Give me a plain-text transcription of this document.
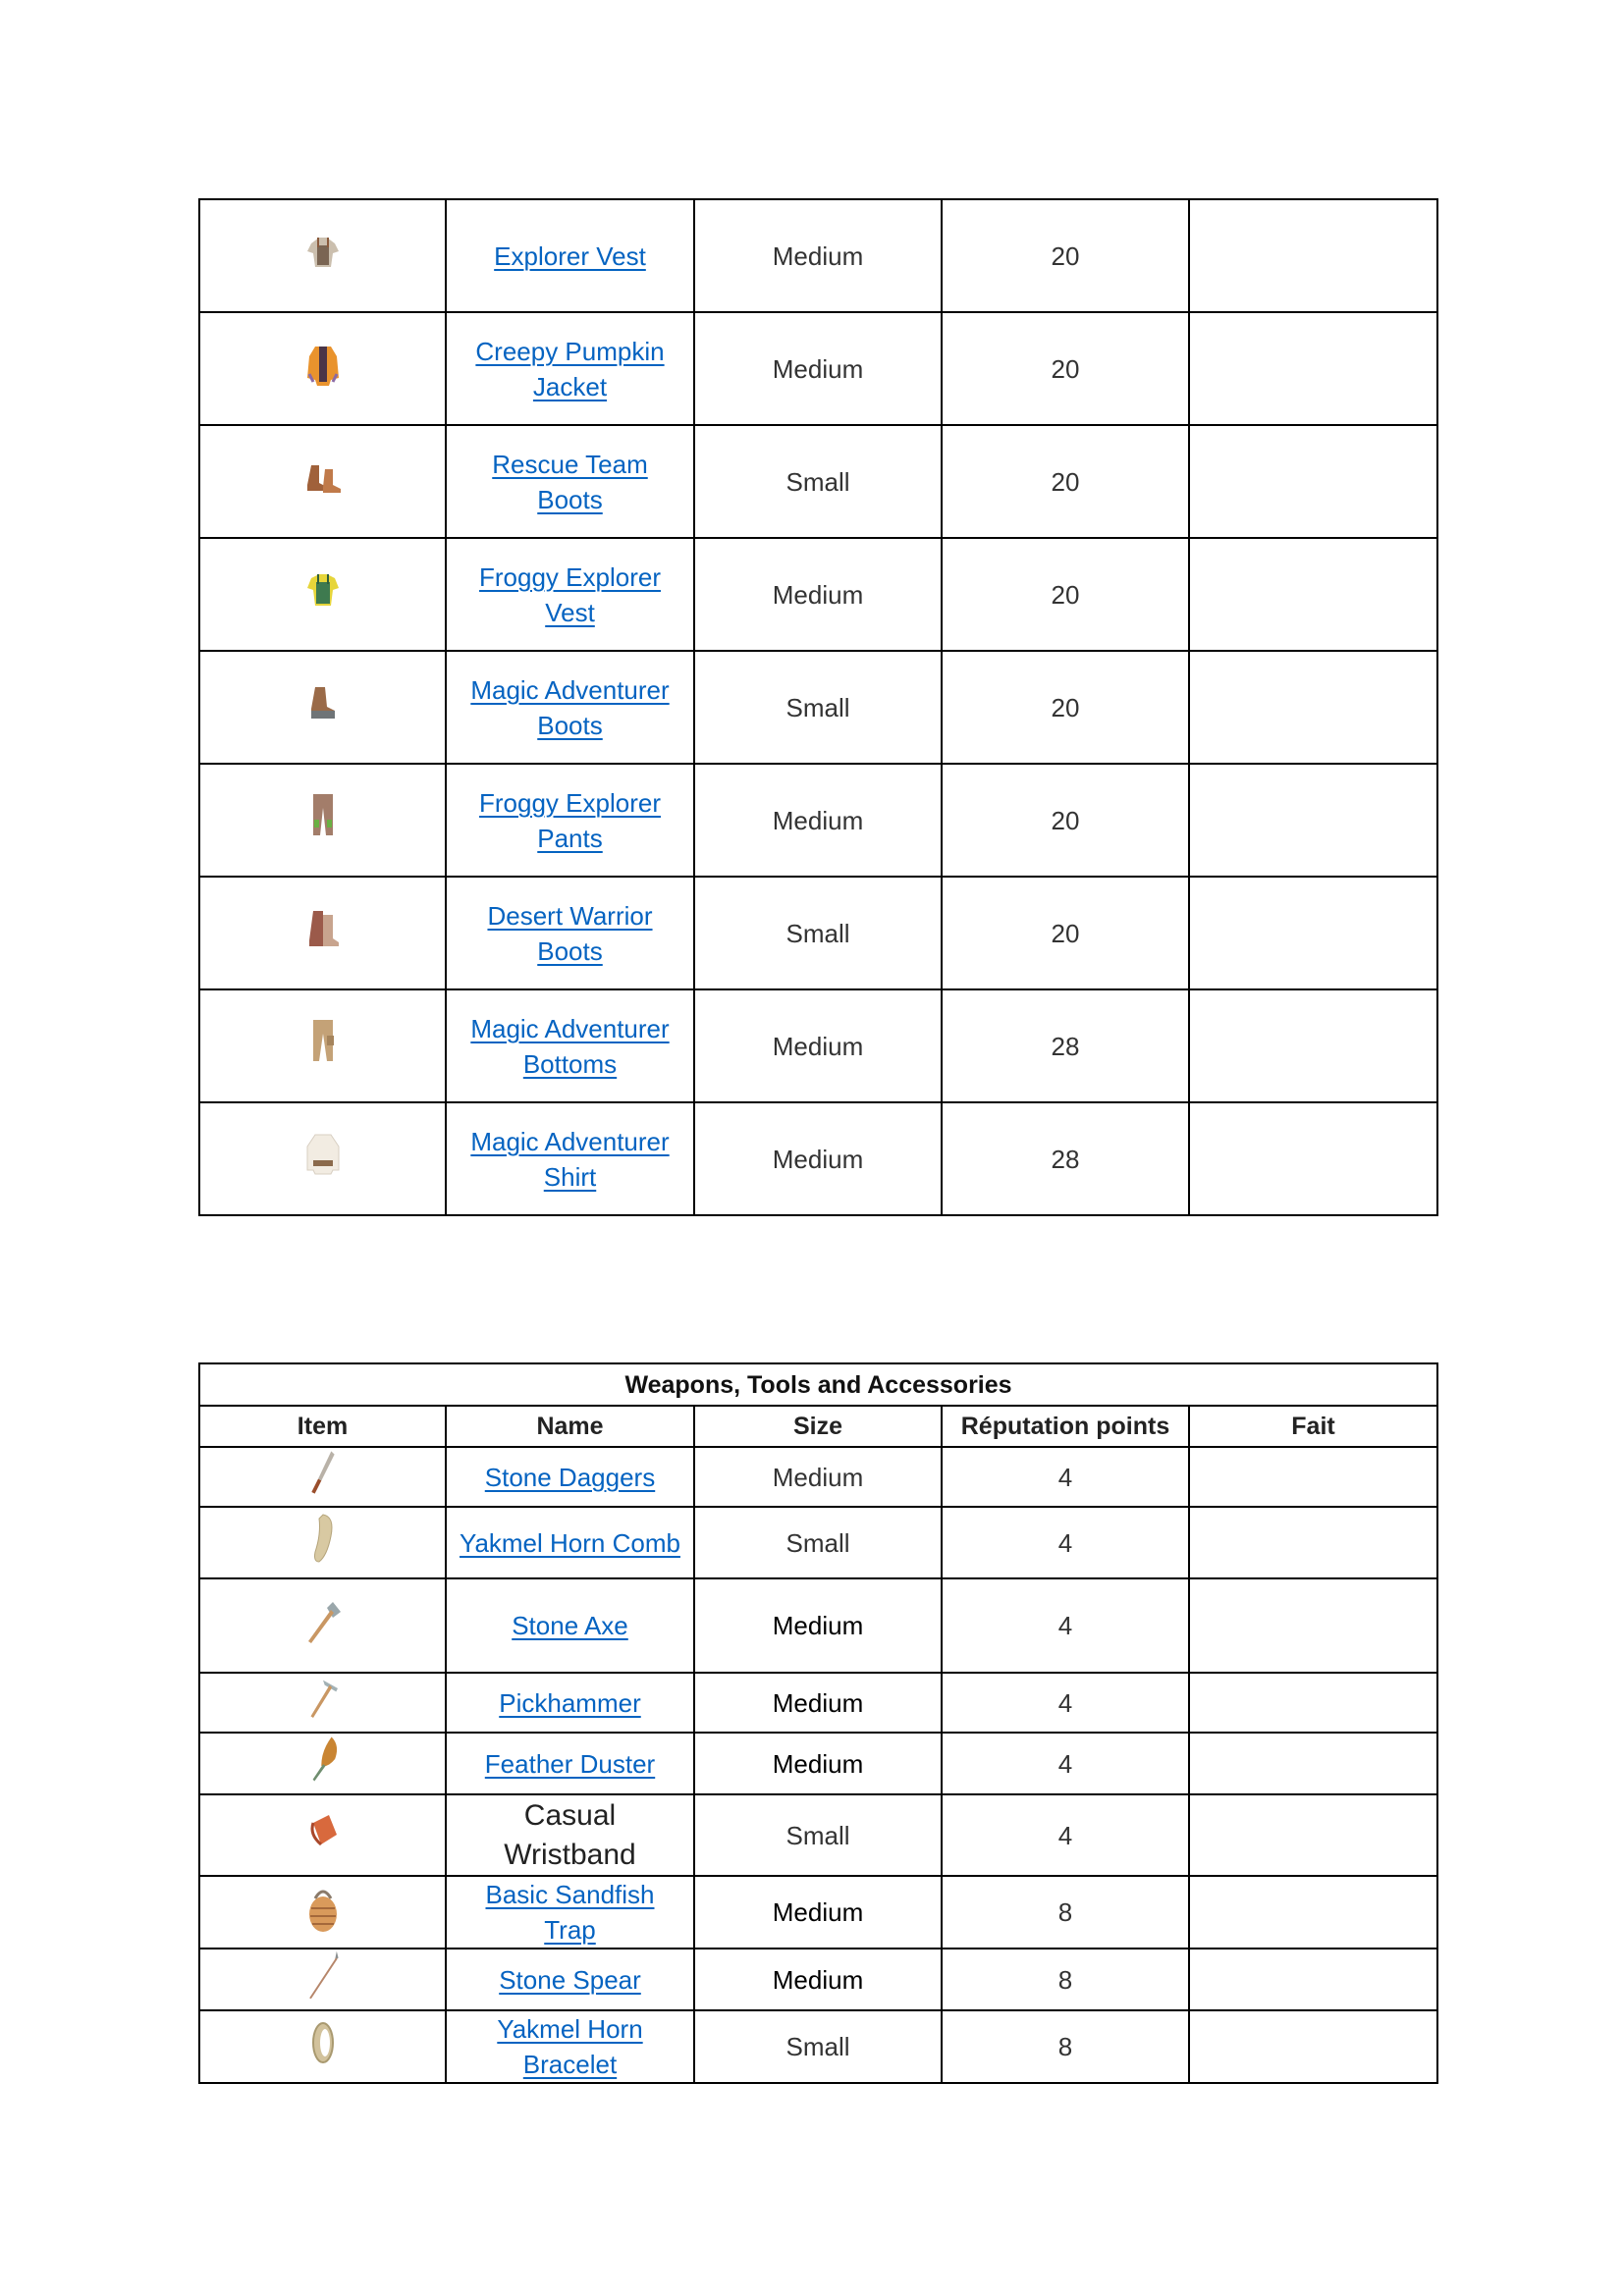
	Explorer Vest	Medium	20	
	Creepy Pumpkin Jacket	Medium	20	
	Rescue Team Boots	Small	20	
	Froggy Explorer Vest	Medium	20	
	Magic Adventurer Boots	Small	20	
	Froggy Explorer Pants	Medium	20	
	Desert Warrior Boots	Small	20	
	Magic Adventurer Bottoms	Medium	28	
	Magic Adventurer Shirt	Medium	28	
Weapons, Tools and Accessories				
Item	Name	Size	Réputation points	Fait
	Stone Daggers	Medium	4	
	Yakmel Horn Comb	Small	4	
	Stone Axe	Medium	4	
	Pickhammer	Medium	4	
	Feather Duster	Medium	4	
	Casual Wristband	Small	4	
	Basic Sandfish Trap	Medium	8	
	Stone Spear	Medium	8	
	Yakmel Horn Bracelet	Small	8	
